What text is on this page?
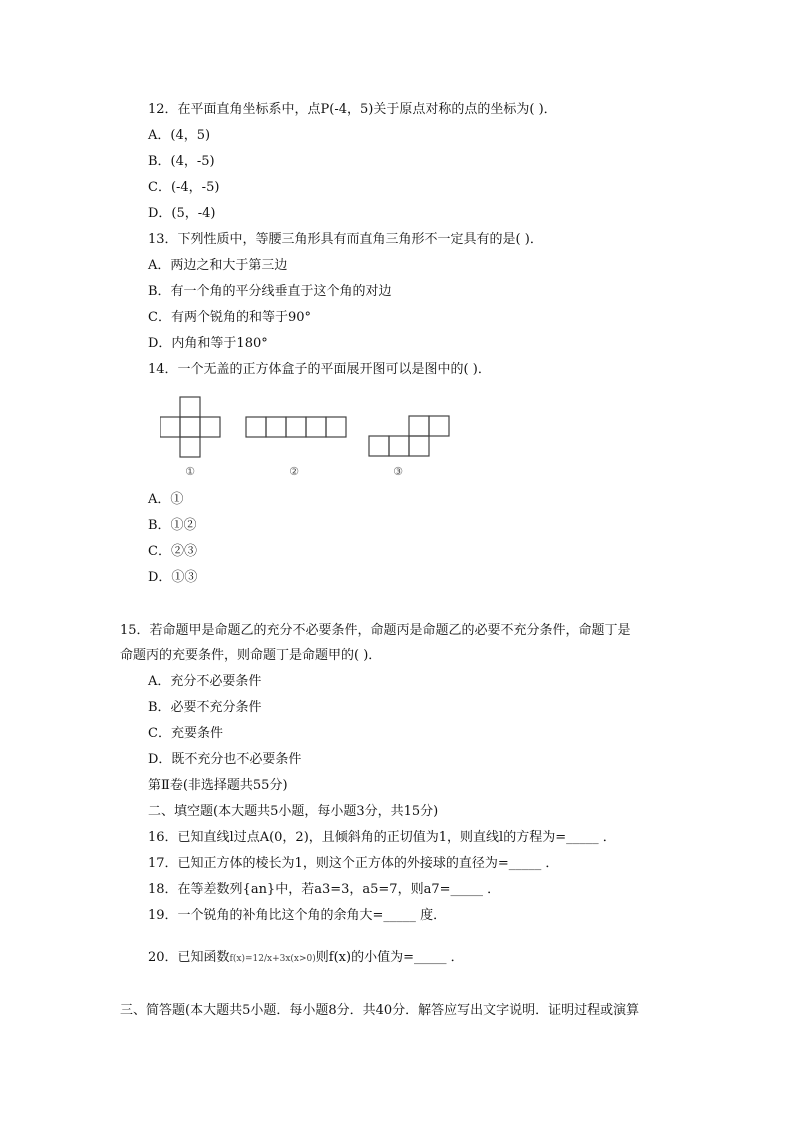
12．在平面直角坐标系中，点P(-4，5)关于原点对称的点的坐标为( )．
A．(4，5)
B．(4，-5)
C．(-4，-5)
D．(5，-4)
13．下列性质中，等腰三角形具有而直角三角形不一定具有的是( )．
A．两边之和大于第三边
B．有一个角的平分线垂直于这个角的对边
C．有两个锐角的和等于90°
D．内角和等于180°
14．一个无盖的正方体盒子的平面展开图可以是图中的( )．
①	②	③
A．①
B．①②
C．②③
D．①③
15．若命题甲是命题乙的充分不必要条件，命题丙是命题乙的必要不充分条件，命题丁是
命题丙的充要条件，则命题丁是命题甲的( )．
A．充分不必要条件
B．必要不充分条件
C．充要条件
D．既不充分也不必要条件
第Ⅱ卷(非选择题共55分)
二、填空题(本大题共5小题，每小题3分，共15分)
16．已知直线l过点A(0，2)，且倾斜角的正切值为1，则直线l的方程为=_____ ．
17．已知正方体的棱长为1，则这个正方体的外接球的直径为=_____ ．
18．在等差数列{an}中，若a3=3，a5=7，则a7=_____ ．
19．一个锐角的补角比这个角的余角大=_____ 度．
20．已知函数f(x)=12/x+3x(x>0)则f(x)的小值为=_____ ．
三、简答题(本大题共5小题．每小题8分．共40分．解答应写出文字说明．证明过程或演算
